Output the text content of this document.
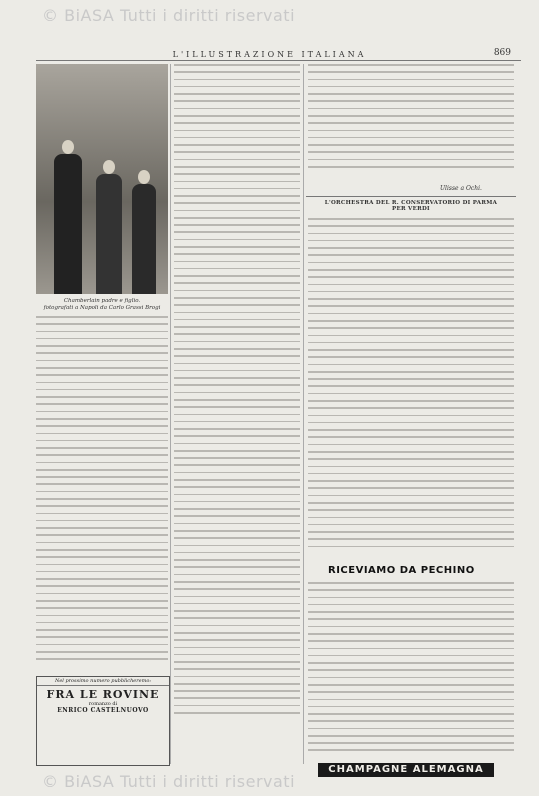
© BiASA Tutti i diritti riservati
L'ILLUSTRAZIONE ITALIANA	869
Chamberlain padre e figlio.
fotografati a Napoli da Carlo Grassi Brogi
Nel prossimo numero pubblicheremo:
FRA LE ROVINE
romanzo di
ENRICO CASTELNUOVO
Ulisse a Ochi.
L'ORCHESTRA DEL R. CONSERVATORIO DI PARMA
PER VERDI
RICEVIAMO DA PECHINO
CHAMPAGNE ALEMAGNA
© BiASA Tutti i diritti riservati
